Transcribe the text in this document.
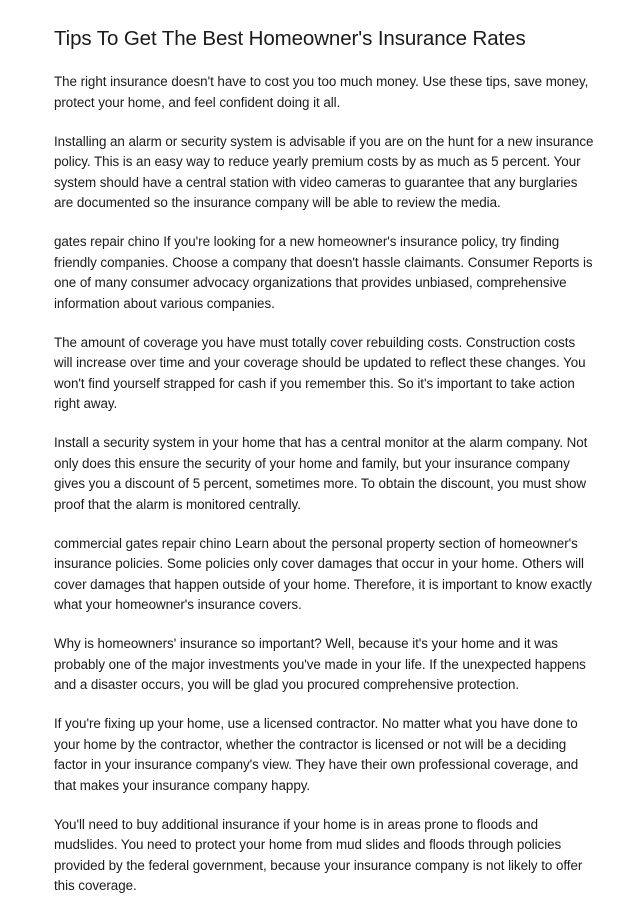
Tips To Get The Best Homeowner's Insurance Rates

The right insurance doesn't have to cost you too much money. Use these tips, save money, protect your home, and feel confident doing it all.

Installing an alarm or security system is advisable if you are on the hunt for a new insurance policy. This is an easy way to reduce yearly premium costs by as much as 5 percent. Your system should have a central station with video cameras to guarantee that any burglaries are documented so the insurance company will be able to review the media.

gates repair chino If you're looking for a new homeowner's insurance policy, try finding friendly companies. Choose a company that doesn't hassle claimants. Consumer Reports is one of many consumer advocacy organizations that provides unbiased, comprehensive information about various companies.

The amount of coverage you have must totally cover rebuilding costs. Construction costs will increase over time and your coverage should be updated to reflect these changes. You won't find yourself strapped for cash if you remember this. So it's important to take action right away.

Install a security system in your home that has a central monitor at the alarm company. Not only does this ensure the security of your home and family, but your insurance company gives you a discount of 5 percent, sometimes more. To obtain the discount, you must show proof that the alarm is monitored centrally.

commercial gates repair chino Learn about the personal property section of homeowner's insurance policies. Some policies only cover damages that occur in your home. Others will cover damages that happen outside of your home. Therefore, it is important to know exactly what your homeowner's insurance covers.

Why is homeowners' insurance so important? Well, because it's your home and it was probably one of the major investments you've made in your life. If the unexpected happens and a disaster occurs, you will be glad you procured comprehensive protection.

If you're fixing up your home, use a licensed contractor. No matter what you have done to your home by the contractor, whether the contractor is licensed or not will be a deciding factor in your insurance company's view. They have their own professional coverage, and that makes your insurance company happy.

You'll need to buy additional insurance if your home is in areas prone to floods and mudslides. You need to protect your home from mud slides and floods through policies provided by the federal government, because your insurance company is not likely to offer this coverage.
